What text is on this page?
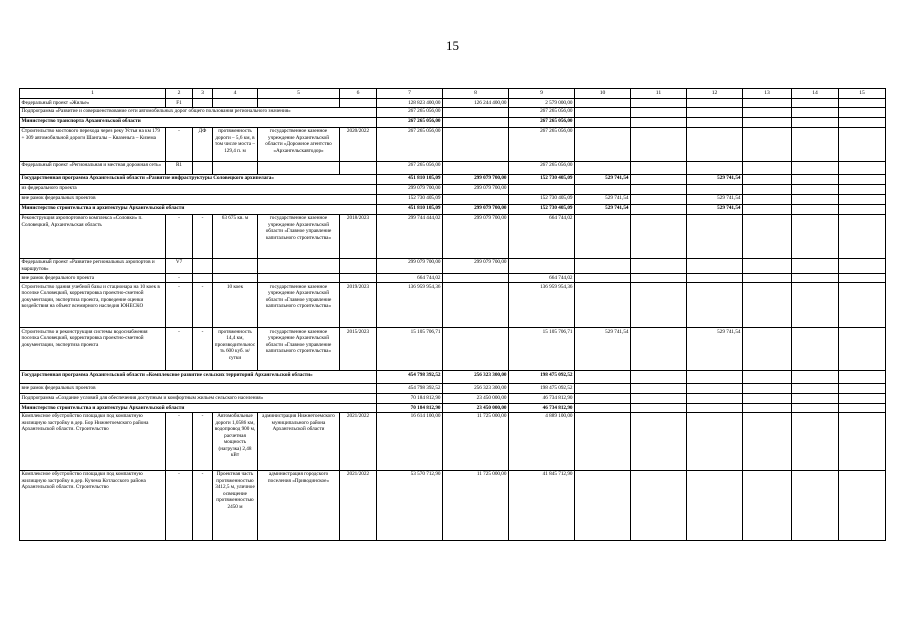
15
1	2	3	4	5	6	7	8	9	10	11	12	13	14	15
Федеральный проект «Жилье»	F1					128 823 400,00	126 244 400,00	2 579 000,00						
Подпрограмма «Развитие и совершенствование сети автомобильных дорог общего пользования регионального значения»						267 265 056,00		267 265 056,00						
Министерство транспорта Архангельской области						267 265 056,00		267 265 056,00						
Строительство мостового перехода через реку Устья на км 179 + 309 автомобильной дороги Шангалы – Квазеньга – Кизема	-	ДФ	протяженность дороги – 5,6 км, в том числе моста – 129,4 п. м	государственное казенное учреждение Архангельской области «Дорожное агентство «Архангельскавтодор»	2020/2022	267 265 056,00		267 265 056,00						
Федеральный проект «Региональная и местная дорожная сеть»	R1					267 265 056,00		267 265 056,00						
Государственная программа Архангельской области «Развитие инфраструктуры Соловецкого архипелага»						451 810 105,09	299 079 700,00	152 730 405,09	529 741,54		529 741,54			
из федерального проекта						299 079 700,00	299 079 700,00							
вне рамок федеральных проектов						152 730 405,09		152 730 405,09	529 741,54		529 741,54			
Министерство строительства и архитектуры Архангельской области						451 810 105,09	299 079 700,00	152 730 405,09	529 741,54		529 741,54			
Реконструкция аэропортового комплекса «Соловки» п. Соловецкий, Архангельская область	-	-	63 675 кв. м	государственное казенное учреждение Архангельской области «Главное управление капитального строительства»	2018/2023	299 744 444,02	299 079 700,00	664 744,02						
Федеральный проект «Развитие региональных аэропортов и маршрутов»	V7					299 079 700,00	299 079 700,00							
вне рамок федерального проекта	-					664 744,02		664 744,02						
Строительство здания учебной базы и стационара на 10 коек в поселке Соловецкий, корректировка проектно-сметной документации, экспертиза проекта, проведение оценки воздействия на объект всемирного наследия ЮНЕСКО	-	-	10 коек	государственное казенное учреждение Архангельской области «Главное управление капитального строительства»	2019/2023	136 959 954,36		136 959 954,36						
Строительство и реконструкция системы водоснабжения поселка Соловецкий, корректировка проектно-сметной документации, экспертиза проекта	-	-	протяженность 14,4 км, производительность 600 куб. м/сутки	государственное казенное учреждение Архангельской области «Главное управление капитального строительства»	2015/2023	15 105 706,71		15 105 706,71	529 741,54		529 741,54			
Государственная программа Архангельской области «Комплексное развитие сельских территорий Архангельской области»						454 798 392,52	256 323 300,00	198 475 092,52						
вне рамок федеральных проектов						454 798 392,52	256 323 300,00	198 475 092,52						
Подпрограмма «Создание условий для обеспечения доступным и комфортным жильем сельского населения»						70 184 812,90	23 450 000,00	46 734 812,90						
Министерство строительства и архитектуры Архангельской области						70 184 812,90	23 450 000,00	46 734 812,90						
Комплексное обустройство площадки под компактную жилищную застройку в дер. Бор Нижнетоемского района Архангельской области. Строительство	-	-	Автомобильные дороги 1,0586 км, водопровод 900 м, расчетная мощность (нагрузка) 2,48 кВт	администрация Нижнетоемского муниципального района Архангельской области	2021/2022	16 614 100,00	11 725 000,00	4 889 100,00						
Комплексное обустройство площадки под компактную жилищную застройку в дер. Кучема Котласского района Архангельской области. Строительство	-	-	Проектная часть протяженностью 3412,5 м, уличное освещение протяженностью 2450 м	администрация городского поселения «Приводинское»	2021/2022	53 570 712,90	11 725 000,00	41 845 712,90						
